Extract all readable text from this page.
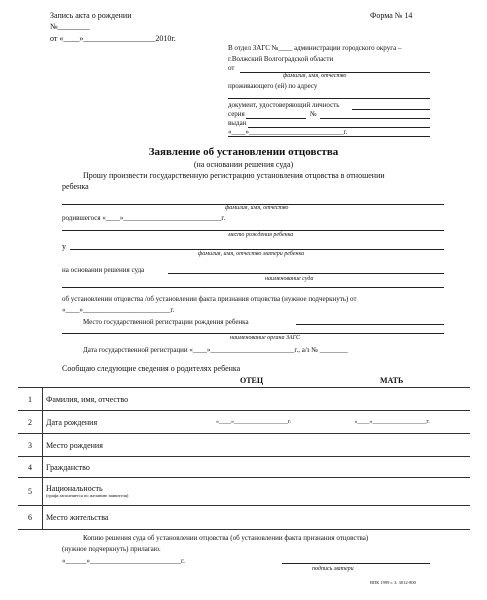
Запись акта о рождении	Форма № 14
№________
от «____»__________________2010г.
В отдел ЗАГС №____ администрации городского округа –
г.Волжский Волгоградской области
от
фамилия, имя, отчество
проживающего (ей) по адресу
документ, удостоверяющий личность
серия	№
выдан
«____»___________________________г.
Заявление об установлении отцовства
(на основании решения суда)
Прошу произвести государственную регистрацию установления отцовства в отношении
ребенка
фамилия, имя, отчество
родившегося «____»____________________________г.
место рождения ребенка
у
фамилия, имя, отчество матери ребенка
на основании решения суда
наименование суда
об установлении отцовства /об установлении факта признания отцовства (нужное подчеркнуть) от
«____»_________________________г.
Место государственной регистрации рождения ребенка
наименование органа ЗАГС
Дата государственной регистрации «____»________________________г., а/з № ________
Сообщаю следующие сведения о родителях ребенка
ОТЕЦ	МАТЬ
1	Фамилия, имя, отчество		
2	Дата рождения	«____»__________________г.	«____»__________________г.
3	Место рождения		
4	Гражданство		
5	Национальность
(графа заполняется по желанию заявителя)		

6	Место жительства		
Копию решения суда об установлении отцовства (об установлении факта признания отцовства)
(нужное подчеркнуть) прилагаю.
«______»__________________________г.
подпись матери
ВПК 1999 г. З. 3012-800
